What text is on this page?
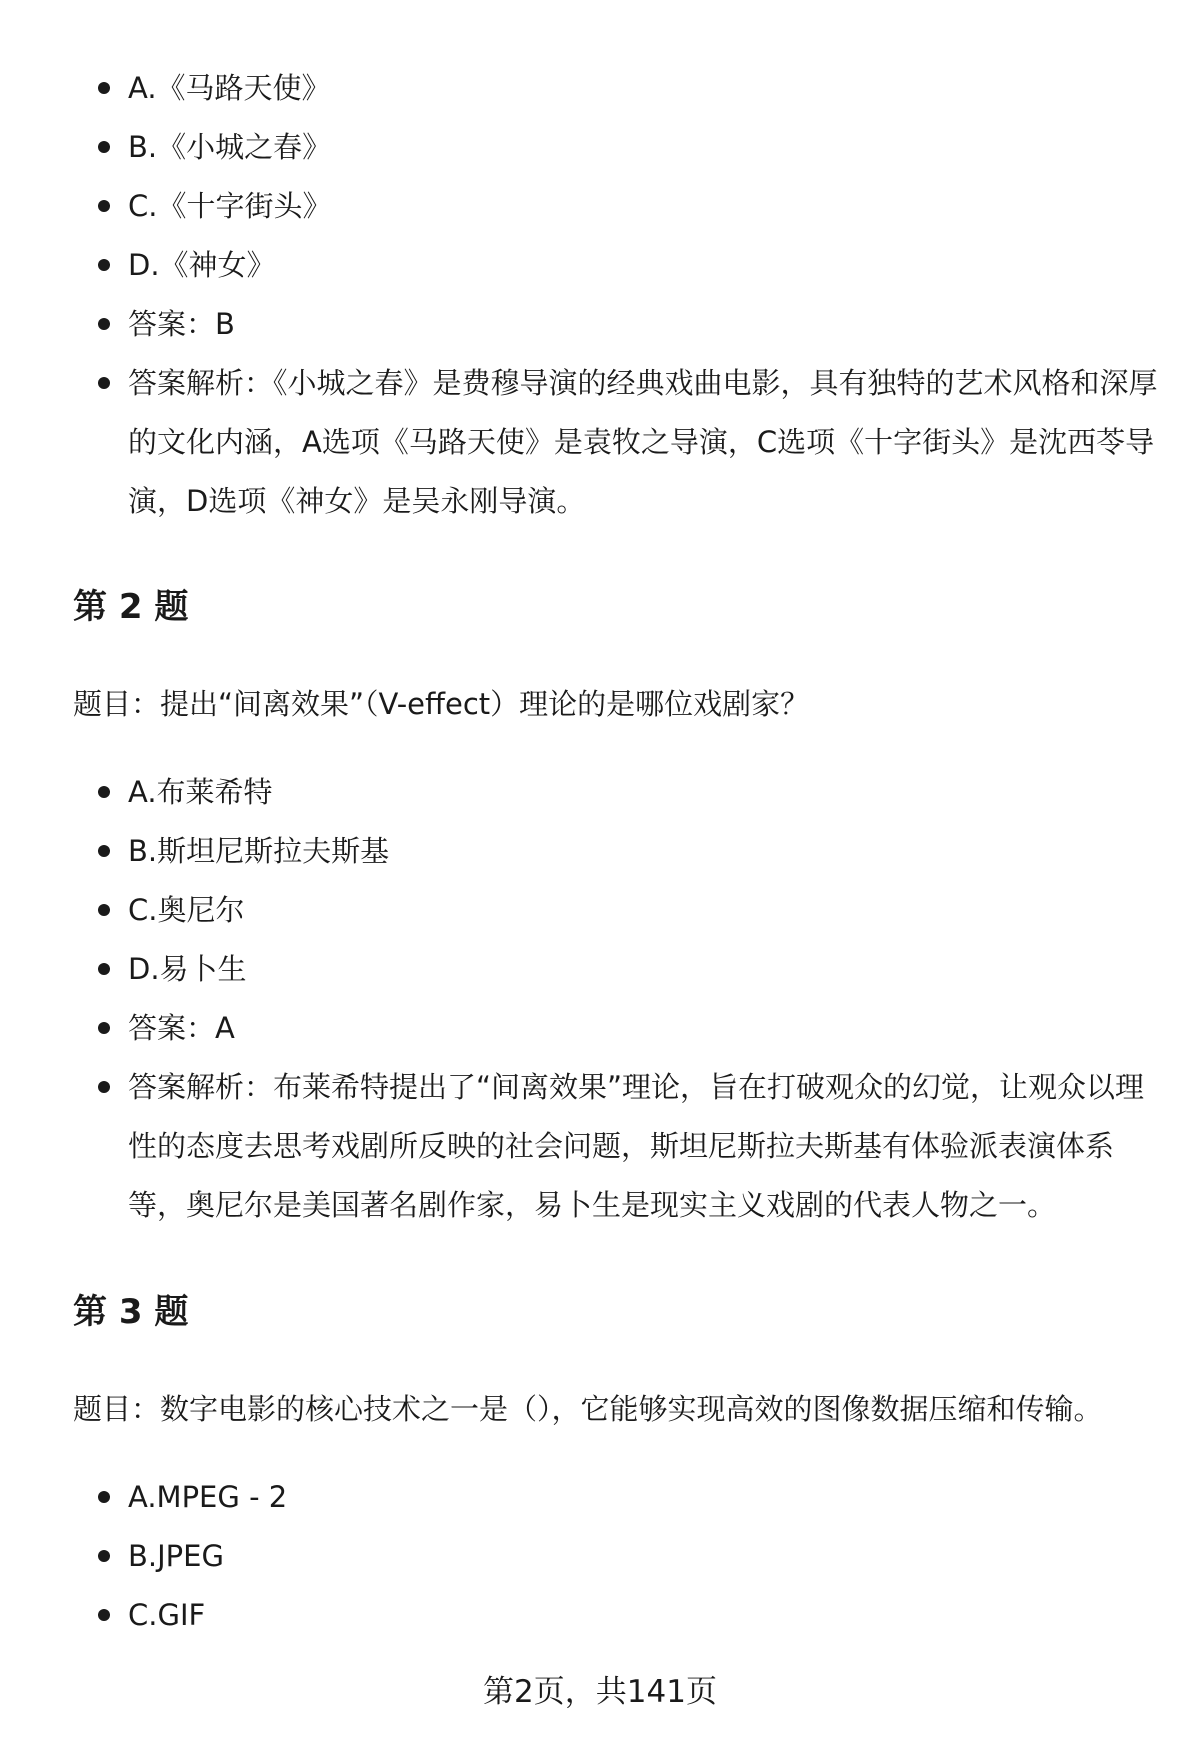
A.《马路天使》
B.《小城之春》
C.《十字街头》
D.《神女》
答案：B
答案解析：《小城之春》是费穆导演的经典戏曲电影，具有独特的艺术风格和深厚的文化内涵，A选项《马路天使》是袁牧之导演，C选项《十字街头》是沈西苓导演，D选项《神女》是吴永刚导演。
第 2 题
题目：提出“间离效果”（V-effect）理论的是哪位戏剧家？
A.布莱希特
B.斯坦尼斯拉夫斯基
C.奥尼尔
D.易卜生
答案：A
答案解析：布莱希特提出了“间离效果”理论，旨在打破观众的幻觉，让观众以理性的态度去思考戏剧所反映的社会问题，斯坦尼斯拉夫斯基有体验派表演体系等，奥尼尔是美国著名剧作家，易卜生是现实主义戏剧的代表人物之一。
第 3 题
题目：数字电影的核心技术之一是（），它能够实现高效的图像数据压缩和传输。
A.MPEG - 2
B.JPEG
C.GIF
第2页，共141页
